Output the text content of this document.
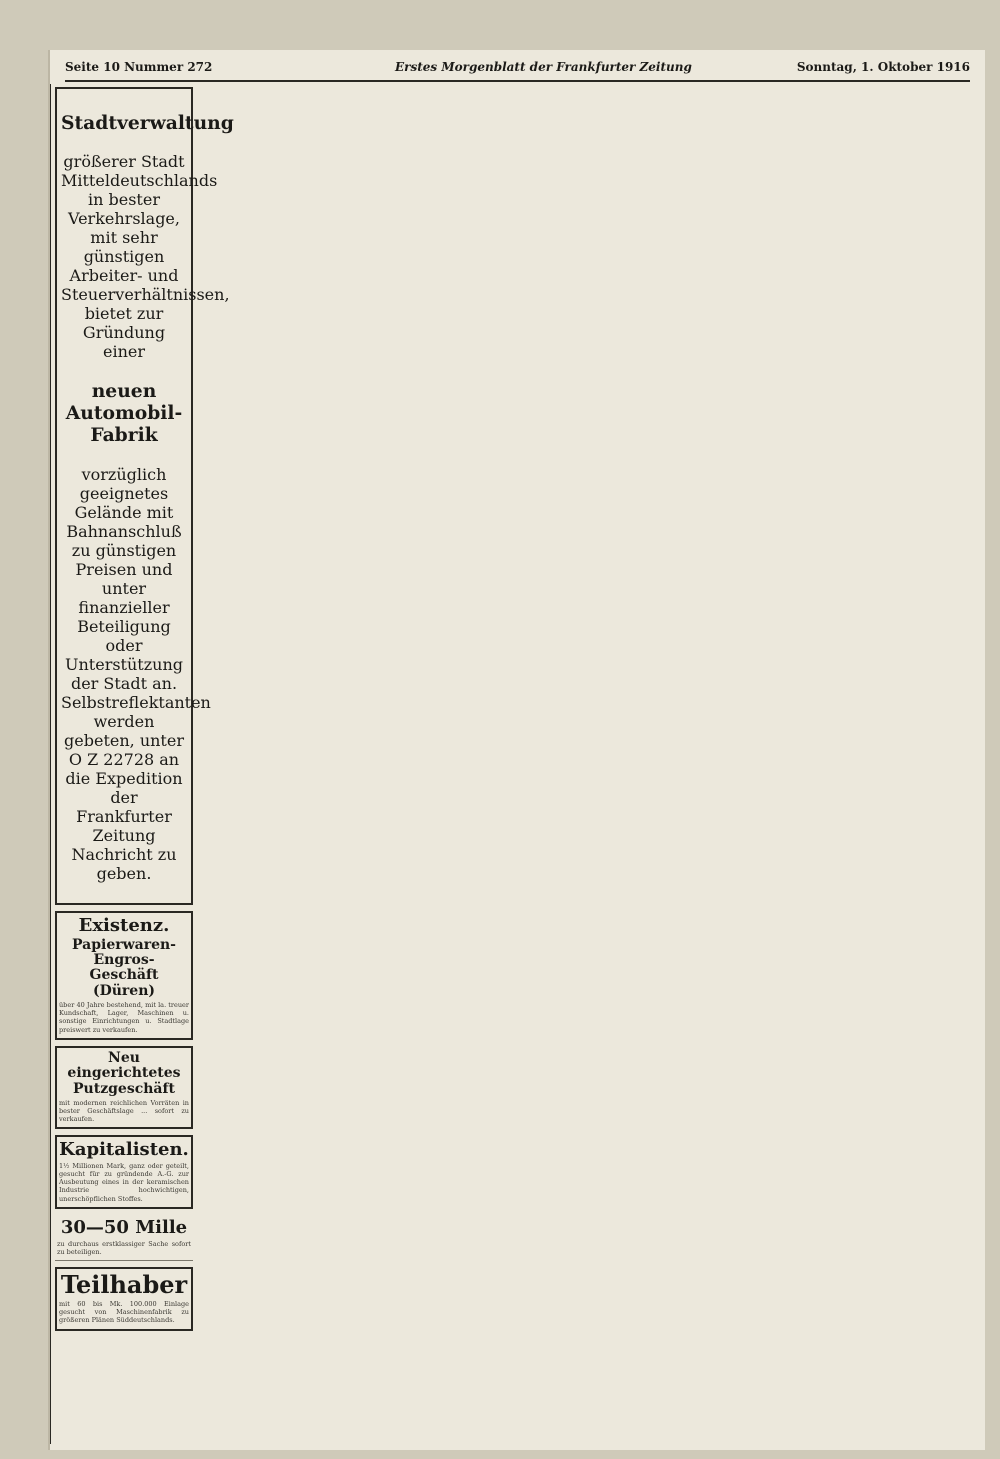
Seite 10 Nummer 272	Erstes Morgenblatt der Frankfurter Zeitung	Sonntag, 1. Oktober 1916
Stadtverwaltung

größerer Stadt Mitteldeutschlands in bester Verkehrslage, mit sehr günstigen Arbeiter- und Steuerverhältnissen, bietet zur Gründung einer

neuen Automobil-Fabrik

vorzüglich geeignetes Gelände mit Bahnanschluß zu günstigen Preisen und unter finanzieller Beteiligung oder Unterstützung der Stadt an. Selbstreflektanten werden gebeten, unter O Z 22728 an die Expedition der Frankfurter Zeitung Nachricht zu geben.

Existenz.
Papierwaren-Engros-Geschäft (Düren)

über 40 Jahre bestehend, mit la. treuer Kundschaft, Lager, Maschinen u. sonstige Einrichtungen u. Stadtlage preiswert zu verkaufen.

Neu eingerichtetes Putzgeschäft

mit modernen reichlichen Vorräten in bester Geschäftslage ... sofort zu verkaufen.

Kapitalisten.

1½ Millionen Mark, ganz oder geteilt, gesucht für zu gründende A.-G. zur Ausbeutung eines in der keramischen Industrie hochwichtigen, unerschöpflichen Stoffes.

30—50 Mille

zu durchaus erstklassiger Sache sofort zu beteiligen.

Teilhaber

mit 60 bis Mk. 100.000 Einlage gesucht von Maschinenfabrik zu größeren Plänen Süddeutschlands.
